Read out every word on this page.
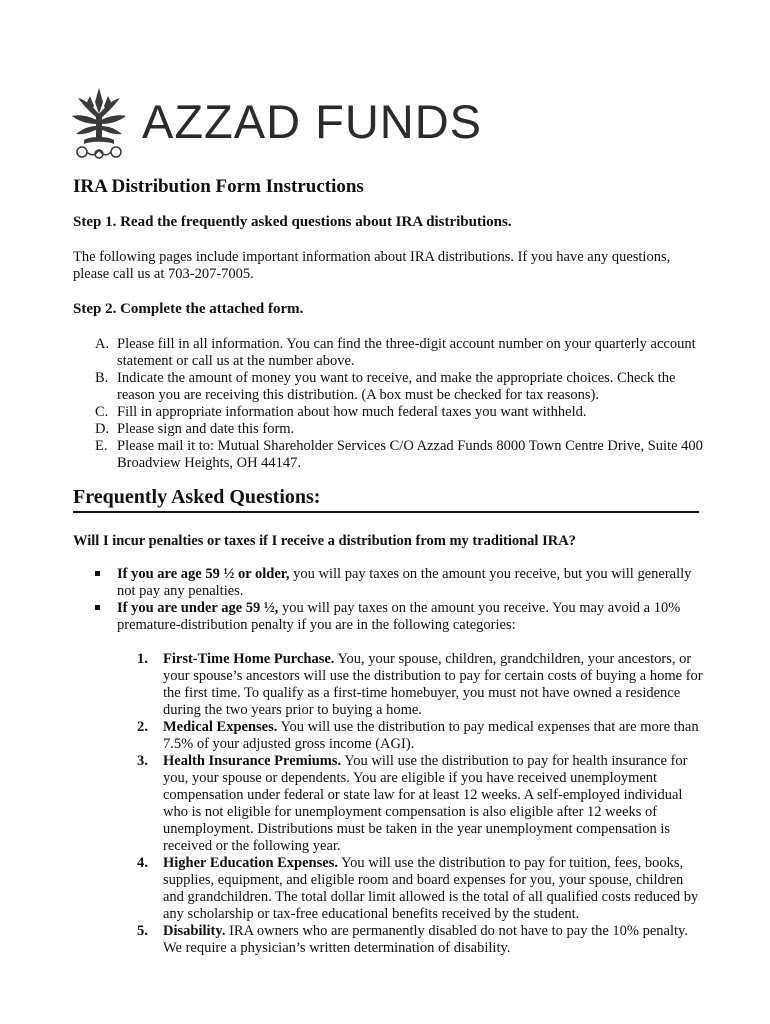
AZZAD FUNDS
IRA Distribution Form Instructions
Step 1. Read the frequently asked questions about IRA distributions.
The following pages include important information about IRA distributions. If you have any questions, please call us at 703-207-7005.
Step 2. Complete the attached form.
A. Please fill in all information. You can find the three-digit account number on your quarterly account statement or call us at the number above.
B. Indicate the amount of money you want to receive, and make the appropriate choices. Check the reason you are receiving this distribution. (A box must be checked for tax reasons).
C. Fill in appropriate information about how much federal taxes you want withheld.
D. Please sign and date this form.
E. Please mail it to: Mutual Shareholder Services C/O Azzad Funds 8000 Town Centre Drive, Suite 400 Broadview Heights, OH 44147.
Frequently Asked Questions:
Will I incur penalties or taxes if I receive a distribution from my traditional IRA?
If you are age 59 ½ or older, you will pay taxes on the amount you receive, but you will generally not pay any penalties.
If you are under age 59 ½, you will pay taxes on the amount you receive. You may avoid a 10% premature-distribution penalty if you are in the following categories:
1. First-Time Home Purchase. You, your spouse, children, grandchildren, your ancestors, or your spouse’s ancestors will use the distribution to pay for certain costs of buying a home for the first time. To qualify as a first-time homebuyer, you must not have owned a residence during the two years prior to buying a home.
2. Medical Expenses. You will use the distribution to pay medical expenses that are more than 7.5% of your adjusted gross income (AGI).
3. Health Insurance Premiums. You will use the distribution to pay for health insurance for you, your spouse or dependents. You are eligible if you have received unemployment compensation under federal or state law for at least 12 weeks. A self-employed individual who is not eligible for unemployment compensation is also eligible after 12 weeks of unemployment. Distributions must be taken in the year unemployment compensation is received or the following year.
4. Higher Education Expenses. You will use the distribution to pay for tuition, fees, books, supplies, equipment, and eligible room and board expenses for you, your spouse, children and grandchildren. The total dollar limit allowed is the total of all qualified costs reduced by any scholarship or tax-free educational benefits received by the student.
5. Disability. IRA owners who are permanently disabled do not have to pay the 10% penalty. We require a physician’s written determination of disability.
